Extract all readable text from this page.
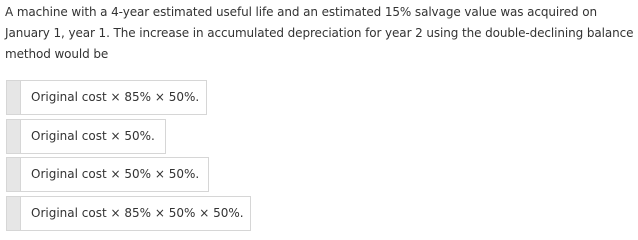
A machine with a 4-year estimated useful life and an estimated 15% salvage value was acquired on January 1, year 1. The increase in accumulated depreciation for year 2 using the double-declining balance method would be
Original cost × 85% × 50%.
Original cost × 50%.
Original cost × 50% × 50%.
Original cost × 85% × 50% × 50%.
